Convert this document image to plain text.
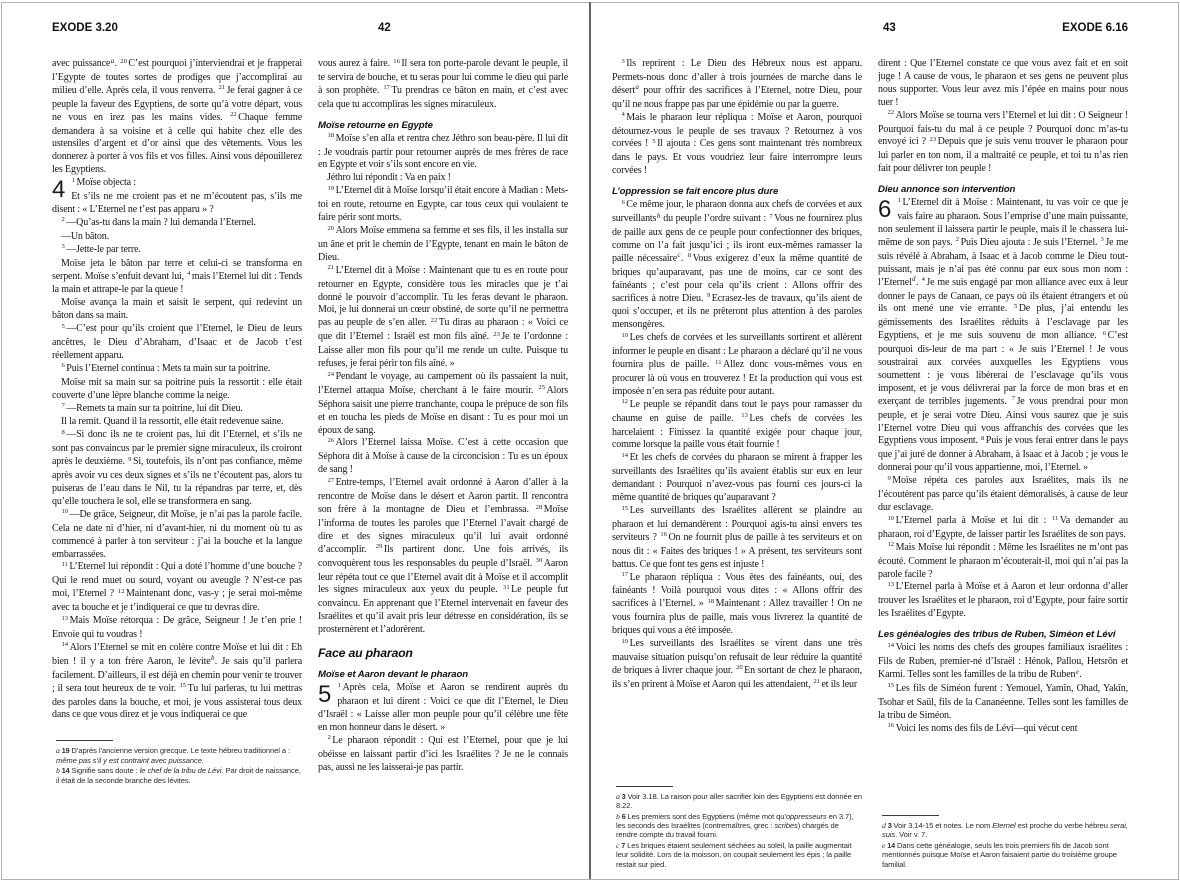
EXODE 3.20	42

avec puissance$^a$. $^{20}$ C’est pourquoi j’interviendrai et je frapperai l’Egypte de toutes sortes de prodiges que j’accomplirai au milieu d’elle. Après cela, il vous renverra. $^{21}$ Je ferai gagner à ce peuple la faveur des Egyptiens, de sorte qu’à votre départ, vous ne vous en irez pas les mains vides. $^{22}$ Chaque femme demandera à sa voisine et à celle qui habite chez elle des ustensiles d’argent et d’or ainsi que des vêtements. Vous les donnerez à porter à vos fils et vos filles. Ainsi vous dépouillerez les Egyptiens.

4 $^1$ Moïse objecta :
Et s’ils ne me croient pas et ne m’écoutent pas, s’ils me disent : « L’Eternel ne t’est pas apparu » ?

$^2$ —Qu’as-tu dans la main ? lui demanda l’Eternel.

—Un bâton.

$^3$ —Jette-le par terre.

Moïse jeta le bâton par terre et celui-ci se transforma en serpent. Moïse s’enfuit devant lui, $^4$ mais l’Eternel lui dit : Tends la main et attrape-le par la queue !

Moïse avança la main et saisit le serpent, qui redevint un bâton dans sa main.

$^5$ —C’est pour qu’ils croient que l’Eternel, le Dieu de leurs ancêtres, le Dieu d’Abraham, d’Isaac et de Jacob t’est réellement apparu.

$^6$ Puis l’Eternel continua : Mets ta main sur ta poitrine.

Moïse mit sa main sur sa poitrine puis la ressortit : elle était couverte d’une lèpre blanche comme la neige.

$^7$ —Remets ta main sur ta poitrine, lui dit Dieu.

Il la remit. Quand il la ressortit, elle était redevenue saine.

$^8$ —Si donc ils ne te croient pas, lui dit l’Eternel, et s’ils ne sont pas convaincus par le premier signe miraculeux, ils croiront après le deuxième. $^9$ Si, toutefois, ils n’ont pas confiance, même après avoir vu ces deux signes et s’ils ne t’écoutent pas, alors tu puiseras de l’eau dans le Nil, tu la répandras par terre, et, dès qu’elle touchera le sol, elle se transformera en sang.

$^{10}$ —De grâce, Seigneur, dit Moïse, je n’ai pas la parole facile. Cela ne date ni d’hier, ni d’avant-hier, ni du moment où tu as commencé à parler à ton serviteur : j’ai la bouche et la langue embarrassées.

$^{11}$ L’Eternel lui répondit : Qui a doté l’homme d’une bouche ? Qui le rend muet ou sourd, voyant ou aveugle ? N’est-ce pas moi, l’Eternel ? $^{12}$ Maintenant donc, vas-y ; je serai moi-même avec ta bouche et je t’indiquerai ce que tu devras dire.

$^{13}$ Mais Moïse rétorqua : De grâce, Seigneur ! Je t’en prie ! Envoie qui tu voudras !

$^{14}$ Alors l’Eternel se mit en colère contre Moïse et lui dit : Eh bien ! il y a ton frère Aaron, le lévite$^b$. Je sais qu’il parlera facilement. D’ailleurs, il est déjà en chemin pour venir te trouver ; il sera tout heureux de te voir. $^{15}$ Tu lui parleras, tu lui mettras des paroles dans la bouche, et moi, je vous assisterai tous deux dans ce que vous direz et je vous indiquerai ce que

a 19 D’après l’ancienne version grecque. Le texte hébreu traditionnel a : même pas s’il y est contraint avec puissance.

b 14 Signifie sans doute : le chef de la tribu de Lévi. Par droit de naissance, il était de la seconde branche des lévites.

vous aurez à faire. $^{16}$ Il sera ton porte-parole devant le peuple, il te servira de bouche, et tu seras pour lui comme le dieu qui parle à son prophète. $^{17}$ Tu prendras ce bâton en main, et c’est avec cela que tu accompliras les signes miraculeux.

Moïse retourne en Egypte

$^{18}$ Moïse s’en alla et rentra chez Jéthro son beau-père. Il lui dit : Je voudrais partir pour retourner auprès de mes frères de race en Egypte et voir s’ils sont encore en vie.

Jéthro lui répondit : Va en paix !

$^{19}$ L’Eternel dit à Moïse lorsqu’il était encore à Madian : Mets-toi en route, retourne en Egypte, car tous ceux qui voulaient te faire périr sont morts.

$^{20}$ Alors Moïse emmena sa femme et ses fils, il les installa sur un âne et prit le chemin de l’Egypte, tenant en main le bâton de Dieu.

$^{21}$ L’Eternel dit à Moïse : Maintenant que tu es en route pour retourner en Egypte, considère tous les miracles que je t’ai donné le pouvoir d’accomplir. Tu les feras devant le pharaon. Moi, je lui donnerai un cœur obstiné, de sorte qu’il ne permettra pas au peuple de s’en aller. $^{22}$ Tu diras au pharaon : « Voici ce que dit l’Eternel : Israël est mon fils aîné. $^{23}$ Je te l’ordonne : Laisse aller mon fils pour qu’il me rende un culte. Puisque tu refuses, je ferai périr ton fils aîné. »

$^{24}$ Pendant le voyage, au campement où ils passaient la nuit, l’Eternel attaqua Moïse, cherchant à le faire mourir. $^{25}$ Alors Séphora saisit une pierre tranchante, coupa le prépuce de son fils et en toucha les pieds de Moïse en disant : Tu es pour moi un époux de sang.

$^{26}$ Alors l’Eternel laissa Moïse. C’est à cette occasion que Séphora dit à Moïse à cause de la circoncision : Tu es un époux de sang !

$^{27}$ Entre-temps, l’Eternel avait ordonné à Aaron d’aller à la rencontre de Moïse dans le désert et Aaron partit. Il rencontra son frère à la montagne de Dieu et l’embrassa. $^{28}$ Moïse l’informa de toutes les paroles que l’Eternel l’avait chargé de dire et des signes miraculeux qu’il lui avait ordonné d’accomplir. $^{29}$ Ils partirent donc. Une fois arrivés, ils convoquèrent tous les responsables du peuple d’Israël. $^{30}$ Aaron leur répéta tout ce que l’Eternel avait dit à Moïse et il accomplit les signes miraculeux aux yeux du peuple. $^{31}$ Le peuple fut convaincu. En apprenant que l’Eternel intervenait en faveur des Israélites et qu’il avait pris leur détresse en considération, ils se prosternèrent et l’adorèrent.

Face au pharaon
Moïse et Aaron devant le pharaon

5 $^1$ Après cela, Moïse et Aaron se rendirent auprès du pharaon et lui dirent : Voici ce que dit l’Eternel, le Dieu d’Israël : « Laisse aller mon peuple pour qu’il célèbre une fête en mon honneur dans le désert. »

$^2$ Le pharaon répondit : Qui est l’Eternel, pour que je lui obéisse en laissant partir d’ici les Israélites ? Je ne le connais pas, aussi ne les laisserai-je pas partir.

43	EXODE 6.16

$^3$ Ils reprirent : Le Dieu des Hébreux nous est apparu. Permets-nous donc d’aller à trois journées de marche dans le désert$^a$ pour offrir des sacrifices à l’Eternel, notre Dieu, pour qu’il ne nous frappe pas par une épidémie ou par la guerre.

$^4$ Mais le pharaon leur répliqua : Moïse et Aaron, pourquoi détournez-vous le peuple de ses travaux ? Retournez à vos corvées ! $^5$ Il ajouta : Ces gens sont maintenant très nombreux dans le pays. Et vous voudriez leur faire interrompre leurs corvées !

L’oppression se fait encore plus dure

$^6$ Ce même jour, le pharaon donna aux chefs de corvées et aux surveillants$^b$ du peuple l’ordre suivant : $^7$ Vous ne fournirez plus de paille aux gens de ce peuple pour confectionner des briques, comme on l’a fait jusqu’ici ; ils iront eux-mêmes ramasser la paille nécessaire$^c$. $^8$ Vous exigerez d’eux la même quantité de briques qu’auparavant, pas une de moins, car ce sont des fainéants ; c’est pour cela qu’ils crient : Allons offrir des sacrifices à notre Dieu. $^9$ Ecrasez-les de travaux, qu’ils aient de quoi s’occuper, et ils ne prêteront plus attention à des paroles mensongères.

$^{10}$ Les chefs de corvées et les surveillants sortirent et allèrent informer le peuple en disant : Le pharaon a déclaré qu’il ne vous fournira plus de paille. $^{11}$ Allez donc vous-mêmes vous en procurer là où vous en trouverez ! Et la production qui vous est imposée n’en sera pas réduite pour autant.

$^{12}$ Le peuple se répandit dans tout le pays pour ramasser du chaume en guise de paille. $^{13}$ Les chefs de corvées les harcelaient : Finissez la quantité exigée pour chaque jour, comme lorsque la paille vous était fournie !

$^{14}$ Et les chefs de corvées du pharaon se mirent à frapper les surveillants des Israélites qu’ils avaient établis sur eux en leur demandant : Pourquoi n’avez-vous pas fourni ces jours-ci la même quantité de briques qu’auparavant ?

$^{15}$ Les surveillants des Israélites allèrent se plaindre au pharaon et lui demandèrent : Pourquoi agis-tu ainsi envers tes serviteurs ? $^{16}$ On ne fournit plus de paille à tes serviteurs et on nous dit : « Faites des briques ! » A présent, tes serviteurs sont battus. Ce que font tes gens est injuste !

$^{17}$ Le pharaon répliqua : Vous êtes des fainéants, oui, des fainéants ! Voilà pourquoi vous dites : « Allons offrir des sacrifices à l’Eternel. » $^{18}$ Maintenant : Allez travailler ! On ne vous fournira plus de paille, mais vous livrerez la quantité de briques qui vous a été imposée.

$^{19}$ Les surveillants des Israélites se virent dans une très mauvaise situation puisqu’on refusait de leur réduire la quantité de briques à livrer chaque jour. $^{20}$ En sortant de chez le pharaon, ils s’en prirent à Moïse et Aaron qui les attendaient, $^{21}$ et ils leur

a 3 Voir 3.18. La raison pour aller sacrifier loin des Egyptiens est donnée en 8.22.

b 6 Les premiers sont des Egyptiens (même mot qu’oppresseurs en 3.7), les seconds des Israélites (contremaîtres, grec : scribes) chargés de rendre compte du travail fourni.

c 7 Les briques étaient seulement séchées au soleil, la paille augmentait leur solidité. Lors de la moisson, on coupait seulement les épis ; la paille restait sur pied.

dirent : Que l’Eternel constate ce que vous avez fait et en soit juge ! A cause de vous, le pharaon et ses gens ne peuvent plus nous supporter. Vous leur avez mis l’épée en mains pour nous tuer !

$^{22}$ Alors Moïse se tourna vers l’Eternel et lui dit : O Seigneur ! Pourquoi fais-tu du mal à ce peuple ? Pourquoi donc m’as-tu envoyé ici ? $^{23}$ Depuis que je suis venu trouver le pharaon pour lui parler en ton nom, il a maltraité ce peuple, et toi tu n’as rien fait pour délivrer ton peuple !

Dieu annonce son intervention

6 $^1$ L’Eternel dit à Moïse : Maintenant, tu vas voir ce que je vais faire au pharaon. Sous l’emprise d’une main puissante, non seulement il laissera partir le peuple, mais il le chassera lui-même de son pays. $^2$ Puis Dieu ajouta : Je suis l’Eternel. $^3$ Je me suis révélé à Abraham, à Isaac et à Jacob comme le Dieu tout-puissant, mais je n’ai pas été connu par eux sous mon nom : l’Eternel$^d$. $^4$ Je me suis engagé par mon alliance avec eux à leur donner le pays de Canaan, ce pays où ils étaient étrangers et où ils ont mené une vie errante. $^5$ De plus, j’ai entendu les gémissements des Israélites réduits à l’esclavage par les Egyptiens, et je me suis souvenu de mon alliance. $^6$ C’est pourquoi dis-leur de ma part : « Je suis l’Eternel ! Je vous soustrairai aux corvées auxquelles les Egyptiens vous soumettent : je vous libérerai de l’esclavage qu’ils vous imposent, et je vous délivrerai par la force de mon bras et en exerçant de terribles jugements. $^7$ Je vous prendrai pour mon peuple, et je serai votre Dieu. Ainsi vous saurez que je suis l’Eternel votre Dieu qui vous affranchis des corvées que les Egyptiens vous imposent. $^8$ Puis je vous ferai entrer dans le pays que j’ai juré de donner à Abraham, à Isaac et à Jacob ; je vous le donnerai pour qu’il vous appartienne, moi, l’Eternel. »

$^9$ Moïse répéta ces paroles aux Israélites, mais ils ne l’écoutèrent pas parce qu’ils étaient démoralisés, à cause de leur dur esclavage.

$^{10}$ L’Eternel parla à Moïse et lui dit : $^{11}$ Va demander au pharaon, roi d’Egypte, de laisser partir les Israélites de son pays.

$^{12}$ Mais Moïse lui répondit : Même les Israélites ne m’ont pas écouté. Comment le pharaon m’écouterait-il, moi qui n’ai pas la parole facile ?

$^{13}$ L’Eternel parla à Moïse et à Aaron et leur ordonna d’aller trouver les Israélites et le pharaon, roi d’Egypte, pour faire sortir les Israélites d’Egypte.

Les généalogies des tribus de Ruben, Siméon et Lévi

$^{14}$ Voici les noms des chefs des groupes familiaux israélites : Fils de Ruben, premier-né d’Israël : Hénok, Pallou, Hetsrôn et Karmi. Telles sont les familles de la tribu de Ruben$^e$.

$^{15}$ Les fils de Siméon furent : Yemouel, Yamîn, Ohad, Yakîn, Tsohar et Saül, fils de la Cananéenne. Telles sont les familles de la tribu de Siméon.

$^{16}$ Voici les noms des fils de Lévi—qui vécut cent

d 3 Voir 3.14-15 et notes. Le nom Eternel est proche du verbe hébreu serai, suis. Voir v. 7.

e 14 Dans cette généalogie, seuls les trois premiers fils de Jacob sont mentionnés puisque Moïse et Aaron faisaient partie du troisième groupe familial.
